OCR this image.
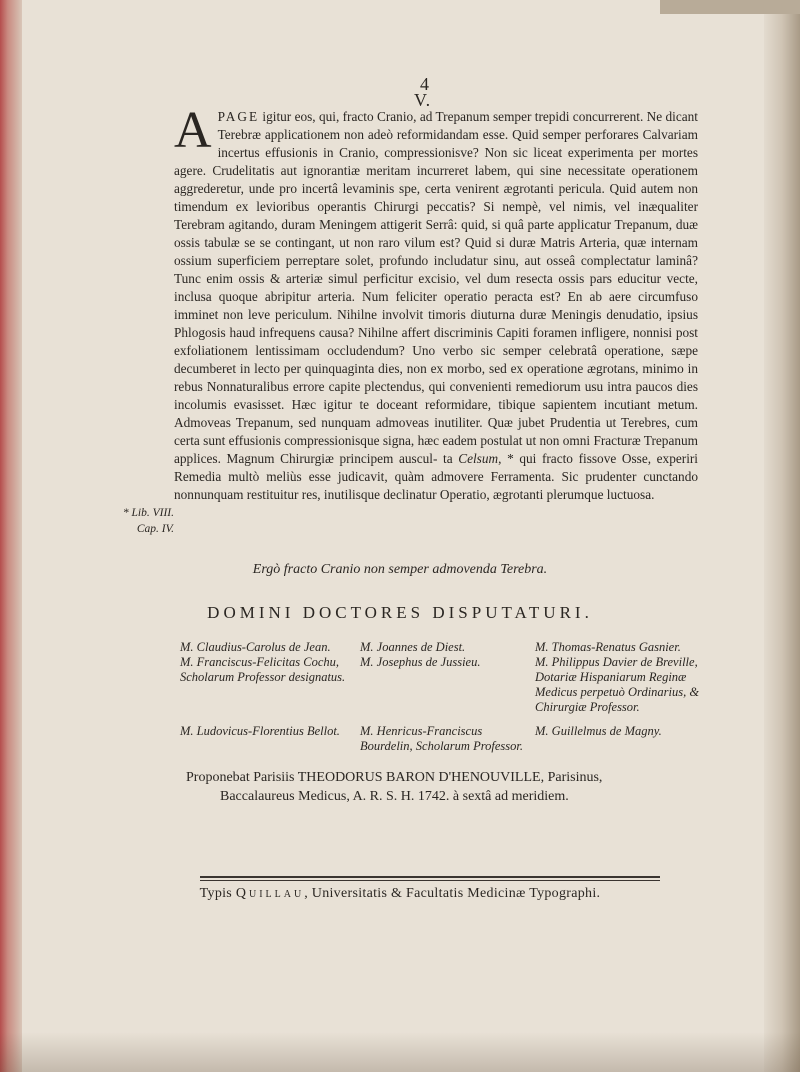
4
V.

APAGE igitur eos, qui, fracto Cranio, ad Trepanum semper trepidi concurrerent. Ne dicant Terebræ applicationem non adeò reformidandam esse. Quid semper perforares Calvariam incertus effusionis in Cranio, compressionisve? Non sic liceat experimenta per mortes agere. Crudelitatis aut ignorantiæ meritam incurreret labem, qui sine necessitate operationem aggrederetur, unde pro incertâ levaminis spe, certa venirent ægrotanti pericula. Quid autem non timendum ex levioribus operantis Chirurgi peccatis? Si nempè, vel nimis, vel inæqualiter Terebram agitando, duram Meningem attigerit Serrâ: quid, si quâ parte applicatur Trepanum, duæ ossis tabulæ se se contingant, ut non raro vilum est? Quid si duræ Matris Arteria, quæ internam ossium superficiem perreptare solet, profundo includatur sinu, aut osseâ complectatur laminâ? Tunc enim ossis & arteriæ simul perficitur excisio, vel dum resecta ossis pars educitur vecte, inclusa quoque abripitur arteria. Num feliciter operatio peracta est? En ab aere circumfuso imminet non leve periculum. Nihilne involvit timoris diuturna duræ Meningis denudatio, ipsius Phlogosis haud infrequens causa? Nihilne affert discriminis Capiti foramen infligere, nonnisi post exfoliationem lentissimam occludendum? Uno verbo sic semper celebratâ operatione, sæpe decumberet in lecto per quinquaginta dies, non ex morbo, sed ex operatione ægrotans, minimo in rebus Nonnaturalibus errore capite plectendus, qui convenienti remediorum usu intra paucos dies incolumis evasisset. Hæc igitur te doceant reformidare, tibique sapientem incutiant metum. Admoveas Trepanum, sed nunquam admoveas inutiliter. Quæ jubet Prudentia ut Terebres, cum certa sunt effusionis compressionisque signa, hæc eadem postulat ut non omni Fracturæ Trepanum applices. Magnum Chirurgiæ principem auscul- ta Celsum, * qui fracto fissove Osse, experiri Remedia multò meliùs esse judicavit, quàm admovere Ferramenta. Sic prudenter cunctando nonnunquam restituitur res, inutilisque declinatur Operatio, ægrotanti plerumque luctuosa.

* Lib. VIII.
Cap. IV.
Ergò fracto Cranio non semper admovenda Terebra.
DOMINI DOCTORES DISPUTATURI.
M. Claudius-Carolus de Jean.
M. Franciscus-Felicitas Cochu, Scholarum Professor designatus.
M. Joannes de Diest.
M. Josephus de Jussieu.
M. Thomas-Renatus Gasnier.
M. Philippus Davier de Breville, Dotariæ Hispaniarum Reginæ Medicus perpetuò Ordinarius, & Chirurgiæ Professor.
M. Ludovicus-Florentius Bellot.	M. Henricus-Franciscus Bourdelin, Scholarum Professor.
M. Guillelmus de Magny.
Proponebat Parisiis THEODORUS BARON D'HENOUVILLE, Parisinus,
Baccalaureus Medicus, A. R. S. H. 1742. à sextâ ad meridiem.
Typis Quillau, Universitatis & Facultatis Medicinæ Typographi.
